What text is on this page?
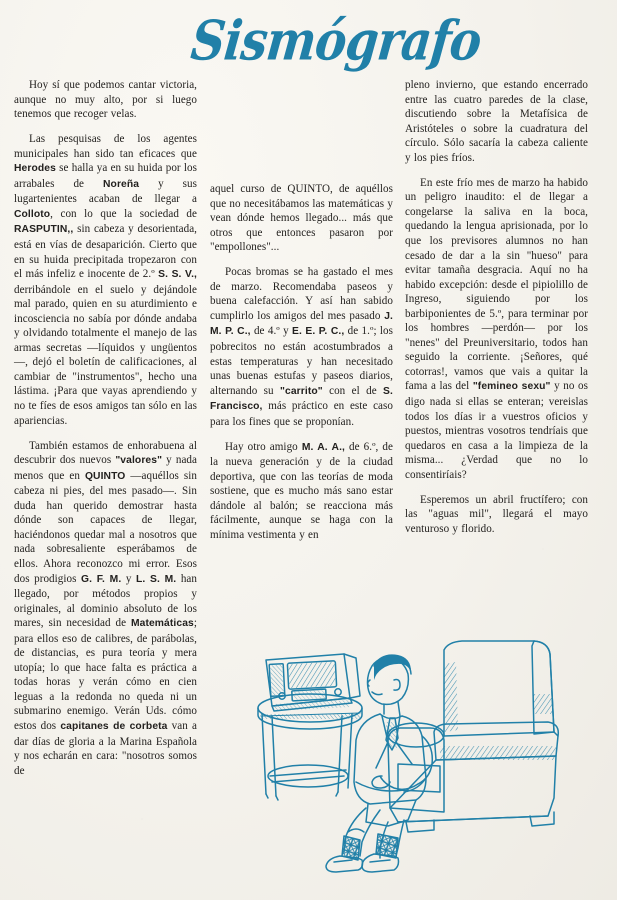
Sismógrafo

Hoy sí que podemos cantar victoria, aunque no muy alto, por si luego tenemos que recoger velas.

Las pesquisas de los agentes municipales han sido tan eficaces que Herodes se halla ya en su huida por los arrabales de Noreña y sus lugartenientes acaban de llegar a Colloto, con lo que la sociedad de RASPUTIN,, sin cabeza y desorientada, está en vías de desaparición. Cierto que en su huida precipitada tropezaron con el más infeliz e inocente de 2.º S. S. V., derribándole en el suelo y dejándole mal parado, quien en su aturdimiento e incosciencia no sabía por dónde andaba y olvidando totalmente el manejo de las armas secretas —líquidos y ungüentos—, dejó el boletín de calificaciones, al cambiar de "instrumentos", hecho una lástima. ¡Para que vayas aprendiendo y no te fíes de esos amigos tan sólo en las apariencias.

También estamos de enhorabuena al descubrir dos nuevos "valores" y nada menos que en QUINTO —aquéllos sin cabeza ni pies, del mes pasado—. Sin duda han querido demostrar hasta dónde son capaces de llegar, haciéndonos quedar mal a nosotros que nada sobresaliente esperábamos de ellos. Ahora reconozco mi error. Esos dos prodigios G. F. M. y L. S. M. han llegado, por métodos propios y originales, al dominio absoluto de los mares, sin necesidad de Matemáticas; para ellos eso de calibres, de parábolas, de distancias, es pura teoría y mera utopía; lo que hace falta es práctica a todas horas y verán cómo en cien leguas a la redonda no queda ni un submarino enemigo. Verán Uds. cómo estos dos capitanes de corbeta van a dar días de gloria a la Marina Española y nos echarán en cara: "nosotros somos de

aquel curso de QUINTO, de aquéllos que no necesitábamos las matemáticas y vean dónde hemos llegado... más que otros que entonces pasaron por "empollones"...

Pocas bromas se ha gastado el mes de marzo. Recomendaba paseos y buena calefacción. Y así han sabido cumplirlo los amigos del mes pasado J. M. P. C., de 4.º y E. E. P. C., de 1.º; los pobrecitos no están acostumbrados a estas temperaturas y han necesitado unas buenas estufas y paseos diarios, alternando su "carrito" con el de S. Francisco, más práctico en este caso para los fines que se proponían.

Hay otro amigo M. A. A., de 6.º, de la nueva generación y de la ciudad deportiva, que con las teorías de moda sostiene, que es mucho más sano estar dándole al balón; se reacciona más fácilmente, aunque se haga con la mínima vestimenta y en

pleno invierno, que estando encerrado entre las cuatro paredes de la clase, discutiendo sobre la Metafísica de Aristóteles o sobre la cuadratura del círculo. Sólo sacaría la cabeza caliente y los pies fríos.

En este frío mes de marzo ha habido un peligro inaudito: el de llegar a congelarse la saliva en la boca, quedando la lengua aprisionada, por lo que los previsores alumnos no han cesado de dar a la sin "hueso" para evitar tamaña desgracia. Aquí no ha habido excepción: desde el pipiolillo de Ingreso, siguiendo por los barbiponientes de 5.º, para terminar por los hombres —perdón— por los "nenes" del Preuniversitario, todos han seguido la corriente. ¡Señores, qué cotorras!, vamos que vais a quitar la fama a las del "femineo sexu" y no os digo nada si ellas se enteran; vereislas todos los días ir a vuestros oficios y puestos, mientras vosotros tendríais que quedaros en casa a la limpieza de la misma... ¿Verdad que no lo consentiríais?

Esperemos un abril fructífero; con las "aguas mil", llegará el mayo venturoso y florido.
